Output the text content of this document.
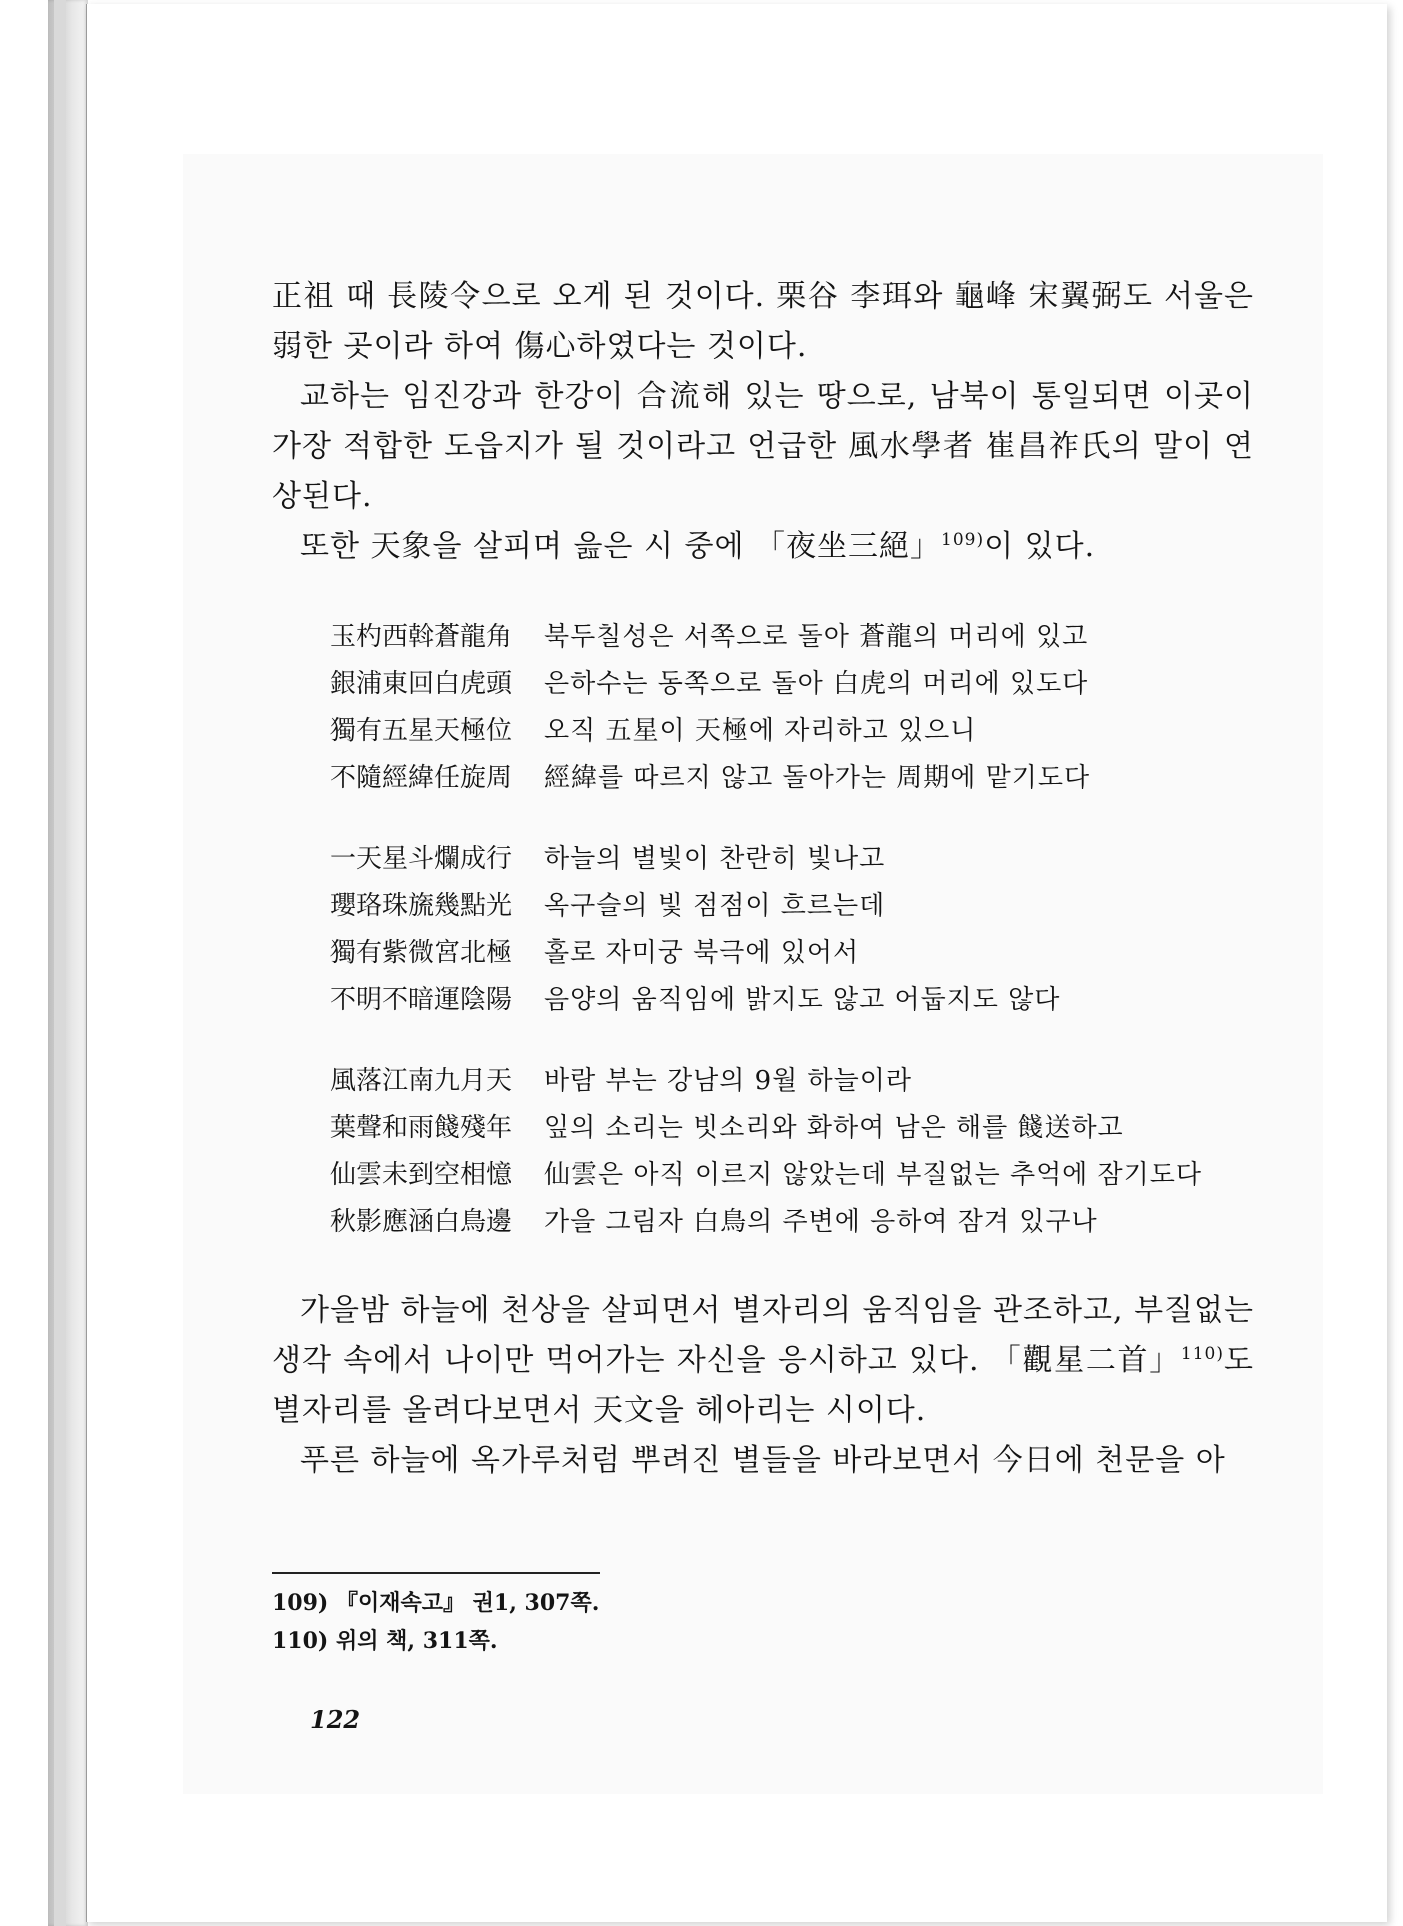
正祖 때 長陵令으로 오게 된 것이다. 栗谷 李珥와 龜峰 宋翼弼도 서울은 弱한 곳이라 하여 傷心하였다는 것이다.

교하는 임진강과 한강이 合流해 있는 땅으로, 남북이 통일되면 이곳이 가장 적합한 도읍지가 될 것이라고 언급한 風水學者 崔昌祚氏의 말이 연상된다.

또한 天象을 살피며 읊은 시 중에 「夜坐三絕」$^{109)}$이 있다.

玉杓西斡蒼龍角	북두칠성은 서쪽으로 돌아 蒼龍의 머리에 있고
銀浦東回白虎頭	은하수는 동쪽으로 돌아 白虎의 머리에 있도다
獨有五星天極位	오직 五星이 天極에 자리하고 있으니
不隨經緯任旋周	經緯를 따르지 않고 돌아가는 周期에 맡기도다
一天星斗爛成行	하늘의 별빛이 찬란히 빛나고
瓔珞珠旒幾點光	옥구슬의 빛 점점이 흐르는데
獨有紫微宮北極	홀로 자미궁 북극에 있어서
不明不暗運陰陽	음양의 움직임에 밝지도 않고 어둡지도 않다
風落江南九月天	바람 부는 강남의 9월 하늘이라
葉聲和雨餞殘年	잎의 소리는 빗소리와 화하여 남은 해를 餞送하고
仙雲未到空相憶	仙雲은 아직 이르지 않았는데 부질없는 추억에 잠기도다
秋影應涵白鳥邊	가을 그림자 白鳥의 주변에 응하여 잠겨 있구나

가을밤 하늘에 천상을 살피면서 별자리의 움직임을 관조하고, 부질없는 생각 속에서 나이만 먹어가는 자신을 응시하고 있다. 「觀星二首」$^{110)}$도 별자리를 올려다보면서 天文을 헤아리는 시이다.

푸른 하늘에 옥가루처럼 뿌려진 별들을 바라보면서 今日에 천문을 아

109) 『이재속고』 권1, 307쪽.
110) 위의 책, 311쪽.
122
